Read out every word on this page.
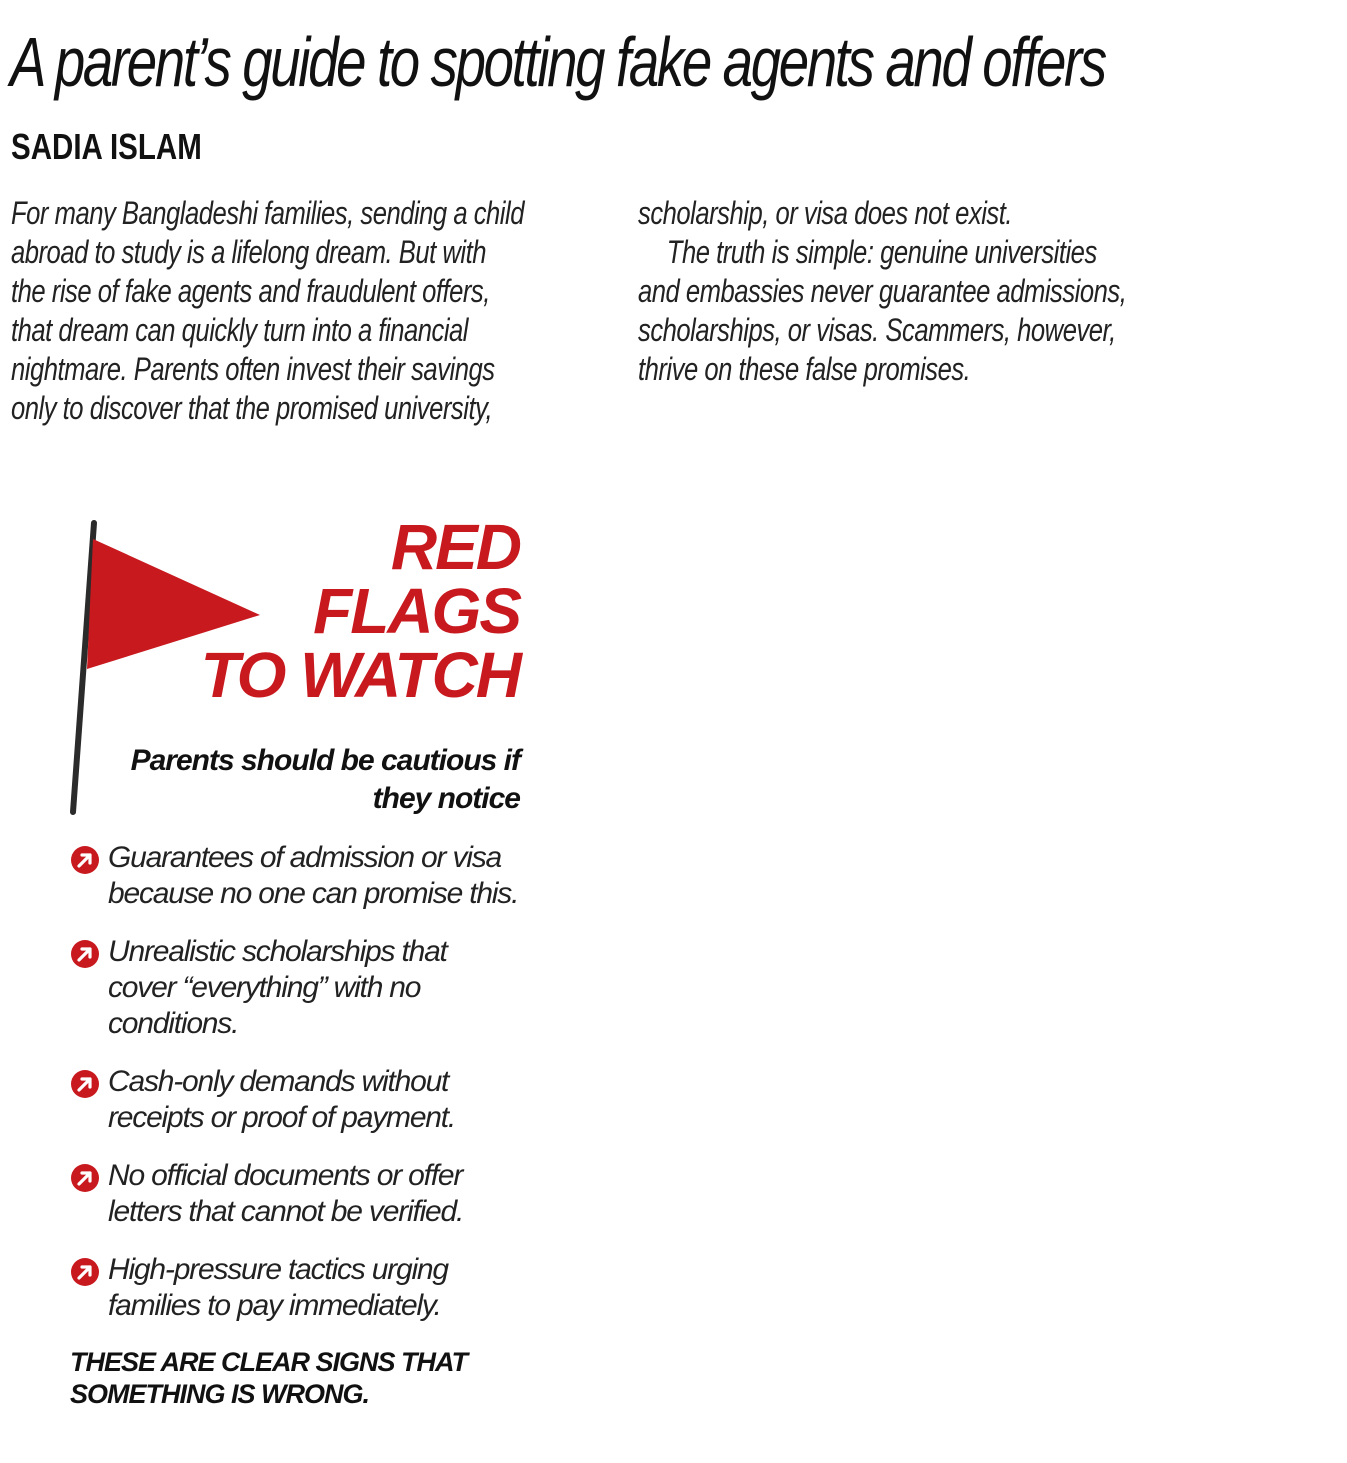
A parent’s guide to spotting fake agents and offers
SADIA ISLAM
For many Bangladeshi families, sending a child
abroad to study is a lifelong dream. But with
the rise of fake agents and fraudulent offers,
that dream can quickly turn into a financial
nightmare. Parents often invest their savings
only to discover that the promised university,
scholarship, or visa does not exist.
The truth is simple: genuine universities
and embassies never guarantee admissions,
scholarships, or visas. Scammers, however,
thrive on these false promises.
RED
FLAGS
TO WATCH
Parents should be cautious if
they notice
Guarantees of admission or visa
because no one can promise this.
Unrealistic scholarships that
cover “everything” with no
conditions.
Cash-only demands without
receipts or proof of payment.
No official documents or offer
letters that cannot be verified.
High-pressure tactics urging
families to pay immediately.
THESE ARE CLEAR SIGNS THAT
SOMETHING IS WRONG.
